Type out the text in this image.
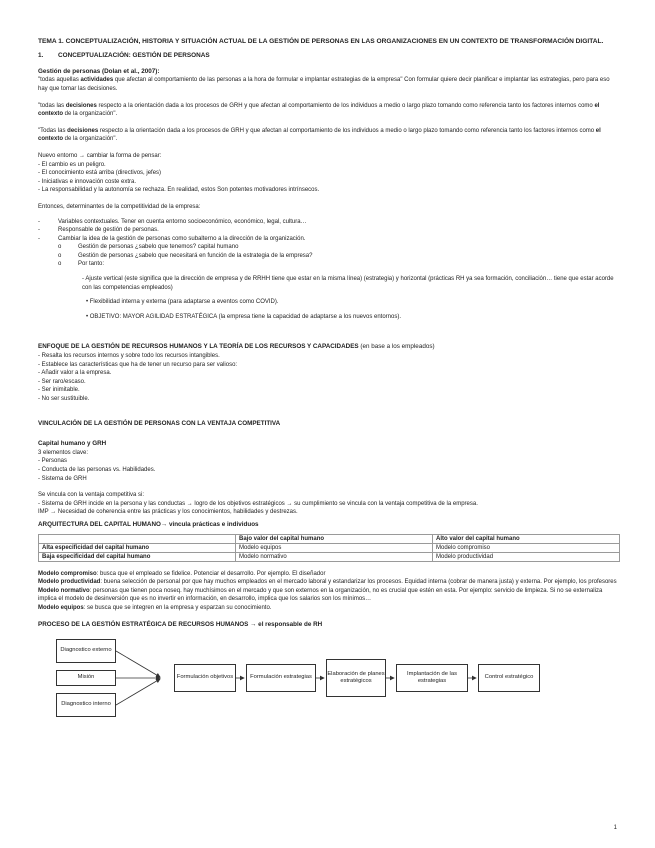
TEMA 1. CONCEPTUALIZACIÓN, HISTORIA Y SITUACIÓN ACTUAL DE LA GESTIÓN DE PERSONAS EN LAS ORGANIZACIONES EN UN CONTEXTO DE TRANSFORMACIÓN DIGITAL.

1. CONCEPTUALIZACIÓN: GESTIÓN DE PERSONAS

Gestión de personas (Dolan et al., 2007):

"todas aquellas actividades que afectan al comportamiento de las personas a la hora de formular e implantar estrategias de la empresa" Con formular quiere decir planificar e implantar las estrategias, pero para eso hay que tomar las decisiones.

"todas las decisiones respecto a la orientación dada a los procesos de GRH y que afectan al comportamiento de los individuos a medio o largo plazo tomando como referencia tanto los factores internos como el contexto de la organización".

"Todas las decisiones respecto a la orientación dada a los procesos de GRH y que afectan al comportamiento de los individuos a medio o largo plazo tomando como referencia tanto los factores internos como el contexto de la organización".

Nuevo entorno → cambiar la forma de pensar:

- El cambio es un peligro.

- El conocimiento está arriba (directivos, jefes)

- Iniciativas e innovación coste extra.

- La responsabilidad y la autonomía se rechaza. En realidad, estos Son potentes motivadores intrínsecos.

Entonces, determinantes de la competitividad de la empresa:

-	Variables contextuales. Tener en cuenta entorno socioeconómico, económico, legal, cultura…
-	Responsable de gestión de personas.
-	Cambiar la idea de la gestión de personas como subalterno a la dirección de la organización.
o	Gestión de personas ¿sabelo que tenemos? capital humano
o	Gestión de personas ¿sabelo que necesitará en función de la estrategia de la empresa?
o	Por tanto:

- Ajuste vertical (este significa que la dirección de empresa y de RRHH tiene que estar en la misma línea) (estrategia) y horizontal (prácticas RH ya sea formación, conciliación… tiene que estar acorde con las competencias empleados)

• Flexibilidad interna y externa (para adaptarse a eventos como COVID).

• OBJETIVO: MAYOR AGILIDAD ESTRATÉGICA (la empresa tiene la capacidad de adaptarse a los nuevos entornos).

ENFOQUE DE LA GESTIÓN DE RECURSOS HUMANOS Y LA TEORÍA DE LOS RECURSOS Y CAPACIDADES (en base a los empleados)

- Resalta los recursos internos y sobre todo los recursos intangibles.

- Establece las características que ha de tener un recurso para ser valioso:

- Añadir valor a la empresa.

- Ser raro/escaso.

- Ser inimitable.

- No ser sustituible.

VINCULACIÓN DE LA GESTIÓN DE PERSONAS CON LA VENTAJA COMPETITIVA

Capital humano y GRH

3 elementos clave:

- Personas

- Conducta de las personas vs. Habilidades.

- Sistema de GRH

Se vincula con la ventaja competitiva si:

- Sistema de GRH incide en la persona y las conductas → logro de los objetivos estratégicos → su cumplimiento se vincula con la ventaja competitiva de la empresa.

IMP → Necesidad de coherencia entre las prácticas y los conocimientos, habilidades y destrezas.

ARQUITECTURA DEL CAPITAL HUMANO→ vincula prácticas e individuos

	Bajo valor del capital humano	Alto valor del capital humano
Alta especificidad del capital humano	Modelo equipos	Modelo compromiso
Baja especificidad del capital humano	Modelo normativo	Modelo productividad

Modelo compromiso: busca que el empleado se fidelice. Potenciar el desarrollo. Por ejemplo. El diseñador

Modelo productividad: buena selección de personal por que hay muchos empleados en el mercado laboral y estandarizar los procesos. Equidad interna (cobrar de manera justa) y externa. Por ejemplo, los profesores

Modelo normativo: personas que tienen poca noseq. hay muchísimos en el mercado y que son externos en la organización, no es crucial que estén en esta. Por ejemplo: servicio de limpieza. Si no se externaliza implica el modelo de desinversión que es no invertir en información, en desarrollo, implica que los salarios son los mínimos…

Modelo equipos: se busca que se integren en la empresa y esparzan su conocimiento.

PROCESO DE LA GESTIÓN ESTRATÉGICA DE RECURSOS HUMANOS → el responsable de RH

Diagnostico externo
Misión
Diagnostico interno
Formulación objetivos	Formulación estrategias
Elaboración de planes estratégicos
Implantación de las estrategias
Control estratégico
1
